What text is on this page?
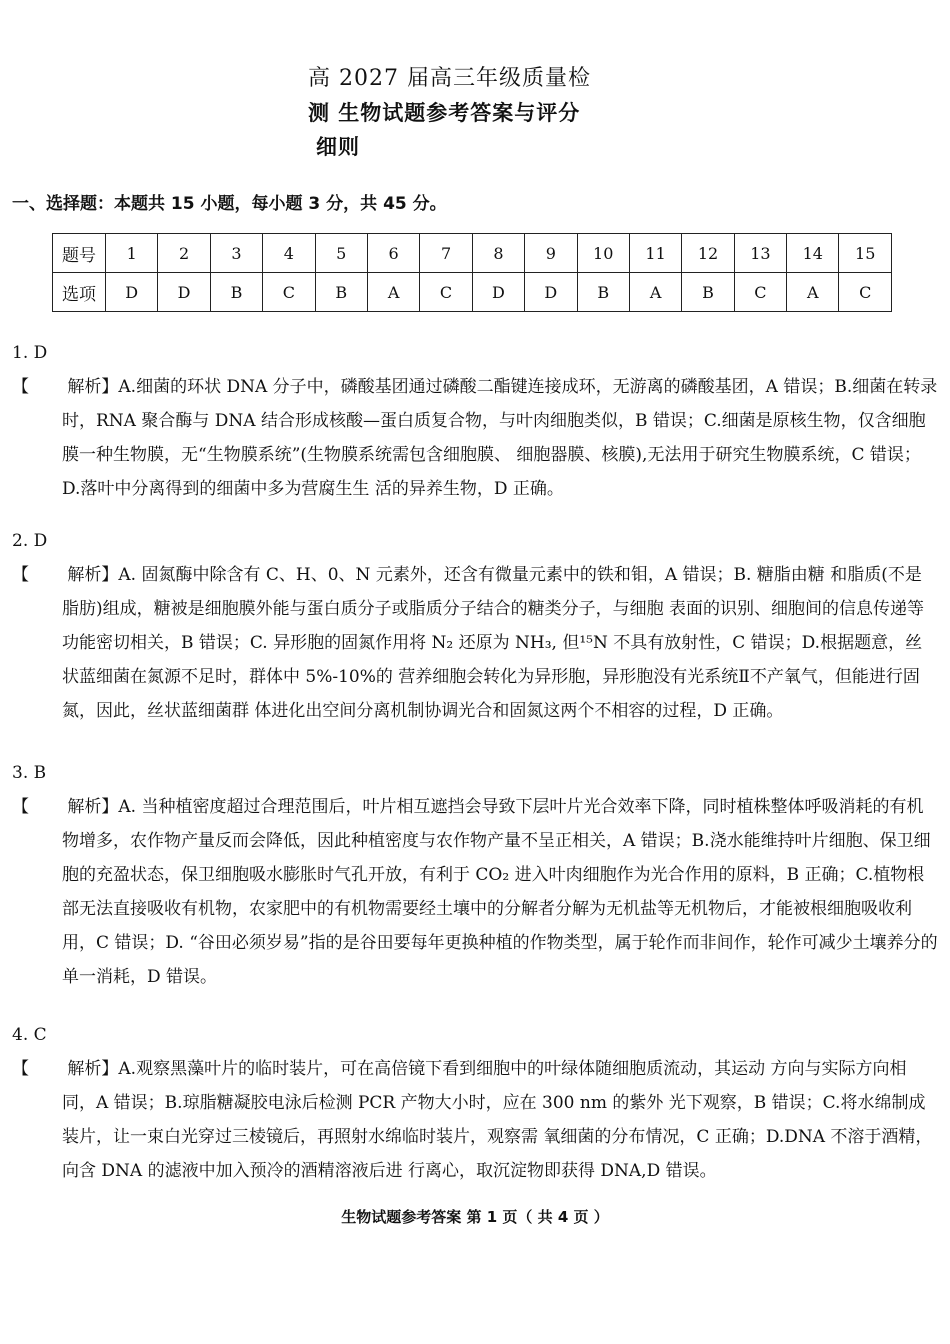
高 2027 届高三年级质量检
测 生物试题参考答案与评分
细则
一、选择题：本题共 15 小题，每小题 3 分，共 45 分。
题号	1	2	3	4	5	6	7	8	9	10	11	12	13	14	15
选项	D	D	B	C	B	A	C	D	D	B	A	B	C	A	C
1. D【 解析】A.细菌的环状 DNA 分子中，磷酸基团通过磷酸二酯键连接成环，无游离的磷酸基团，A 错误；B.细菌在转录时，RNA 聚合酶与 DNA 结合形成核酸—蛋白质复合物，与叶肉细胞类似，B 错误；C.细菌是原核生物，仅含细胞膜一种生物膜，无“生物膜系统”(生物膜系统需包含细胞膜、 细胞器膜、核膜),无法用于研究生物膜系统，C 错误；D.落叶中分离得到的细菌中多为营腐生生 活的异养生物，D 正确。
2. D【 解析】A. 固氮酶中除含有 C、H、0、N 元素外，还含有微量元素中的铁和钼，A 错误；B. 糖脂由糖 和脂质(不是脂肪)组成，糖被是细胞膜外能与蛋白质分子或脂质分子结合的糖类分子，与细胞 表面的识别、细胞间的信息传递等功能密切相关，B 错误；C. 异形胞的固氮作用将 N₂ 还原为 NH₃, 但¹⁵N 不具有放射性，C 错误；D.根据题意，丝状蓝细菌在氮源不足时，群体中 5%-10%的 营养细胞会转化为异形胞，异形胞没有光系统Ⅱ不产氧气，但能进行固氮，因此，丝状蓝细菌群 体进化出空间分离机制协调光合和固氮这两个不相容的过程，D 正确。
3. B【 解析】A. 当种植密度超过合理范围后，叶片相互遮挡会导致下层叶片光合效率下降，同时植株整体呼吸消耗的有机物增多，农作物产量反而会降低，因此种植密度与农作物产量不呈正相关，A 错误；B.浇水能维持叶片细胞、保卫细胞的充盈状态，保卫细胞吸水膨胀时气孔开放，有利于 CO₂ 进入叶肉细胞作为光合作用的原料，B 正确；C.植物根部无法直接吸收有机物，农家肥中的有机物需要经土壤中的分解者分解为无机盐等无机物后，才能被根细胞吸收利用，C 错误；D. “谷田必须岁易”指的是谷田要每年更换种植的作物类型，属于轮作而非间作，轮作可减少土壤养分的单一消耗，D 错误。
4. C【 解析】A.观察黑藻叶片的临时装片，可在高倍镜下看到细胞中的叶绿体随细胞质流动，其运动 方向与实际方向相同，A 错误；B.琼脂糖凝胶电泳后检测 PCR 产物大小时，应在 300 nm 的紫外 光下观察，B 错误；C.将水绵制成装片，让一束白光穿过三棱镜后，再照射水绵临时装片，观察需 氧细菌的分布情况，C 正确；D.DNA 不溶于酒精，向含 DNA 的滤液中加入预冷的酒精溶液后进 行离心，取沉淀物即获得 DNA,D 错误。
生物试题参考答案 第 1 页（ 共 4 页 ）
